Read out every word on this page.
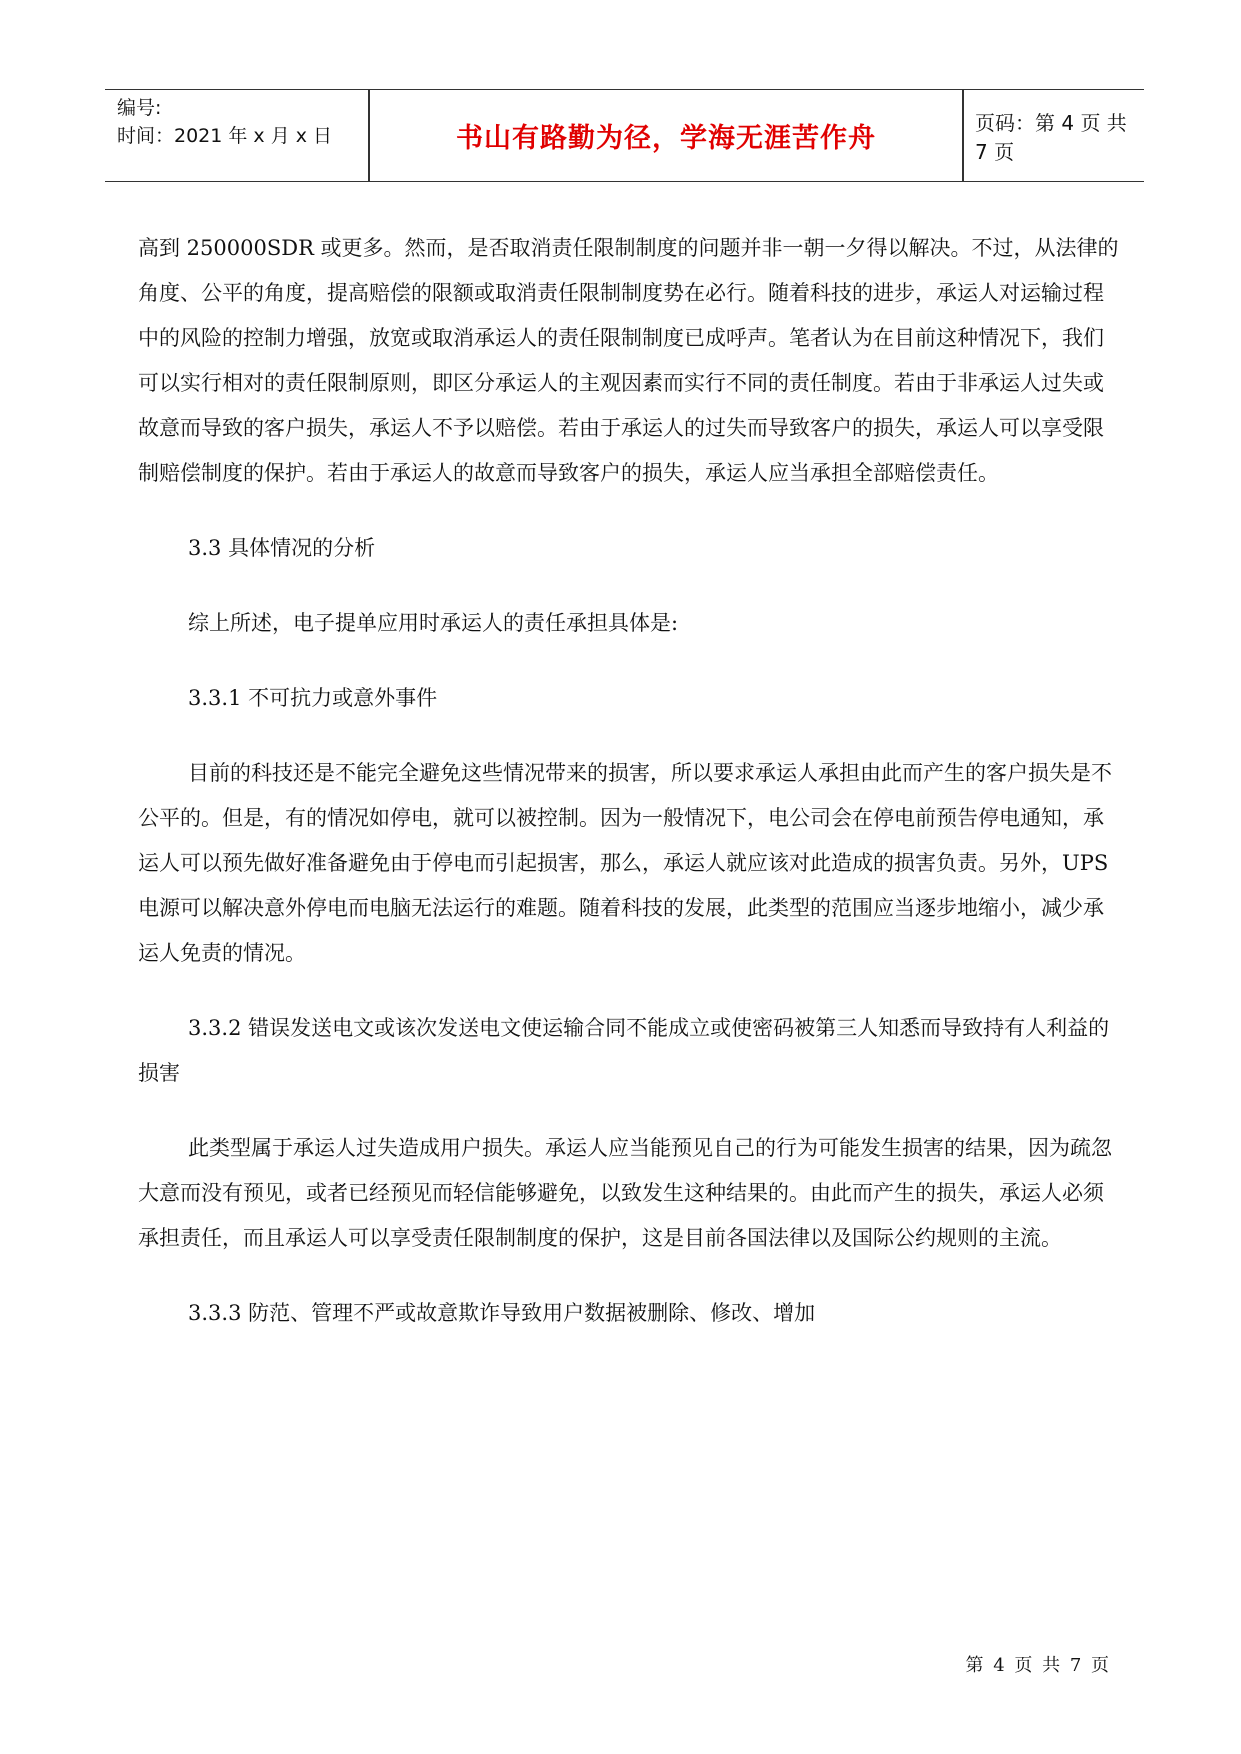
编号:
时间：2021 年 x 月 x 日	书山有路勤为径，学海无涯苦作舟
页码：第 4 页 共 7 页

高到 250000SDR 或更多。然而，是否取消责任限制制度的问题并非一朝一夕得以解决。不过，从法律的角度、公平的角度，提高赔偿的限额或取消责任限制制度势在必行。随着科技的进步，承运人对运输过程中的风险的控制力增强，放宽或取消承运人的责任限制制度已成呼声。笔者认为在目前这种情况下，我们可以实行相对的责任限制原则，即区分承运人的主观因素而实行不同的责任制度。若由于非承运人过失或故意而导致的客户损失，承运人不予以赔偿。若由于承运人的过失而导致客户的损失，承运人可以享受限制赔偿制度的保护。若由于承运人的故意而导致客户的损失，承运人应当承担全部赔偿责任。

3.3 具体情况的分析

综上所述，电子提单应用时承运人的责任承担具体是:

3.3.1 不可抗力或意外事件

目前的科技还是不能完全避免这些情况带来的损害，所以要求承运人承担由此而产生的客户损失是不公平的。但是，有的情况如停电，就可以被控制。因为一般情况下，电公司会在停电前预告停电通知，承运人可以预先做好准备避免由于停电而引起损害，那么，承运人就应该对此造成的损害负责。另外，UPS 电源可以解决意外停电而电脑无法运行的难题。随着科技的发展，此类型的范围应当逐步地缩小，减少承运人免责的情况。

3.3.2 错误发送电文或该次发送电文使运输合同不能成立或使密码被第三人知悉而导致持有人利益的损害

此类型属于承运人过失造成用户损失。承运人应当能预见自己的行为可能发生损害的结果，因为疏忽大意而没有预见，或者已经预见而轻信能够避免，以致发生这种结果的。由此而产生的损失，承运人必须承担责任，而且承运人可以享受责任限制制度的保护，这是目前各国法律以及国际公约规则的主流。

3.3.3 防范、管理不严或故意欺诈导致用户数据被删除、修改、增加

第 4 页 共 7 页
